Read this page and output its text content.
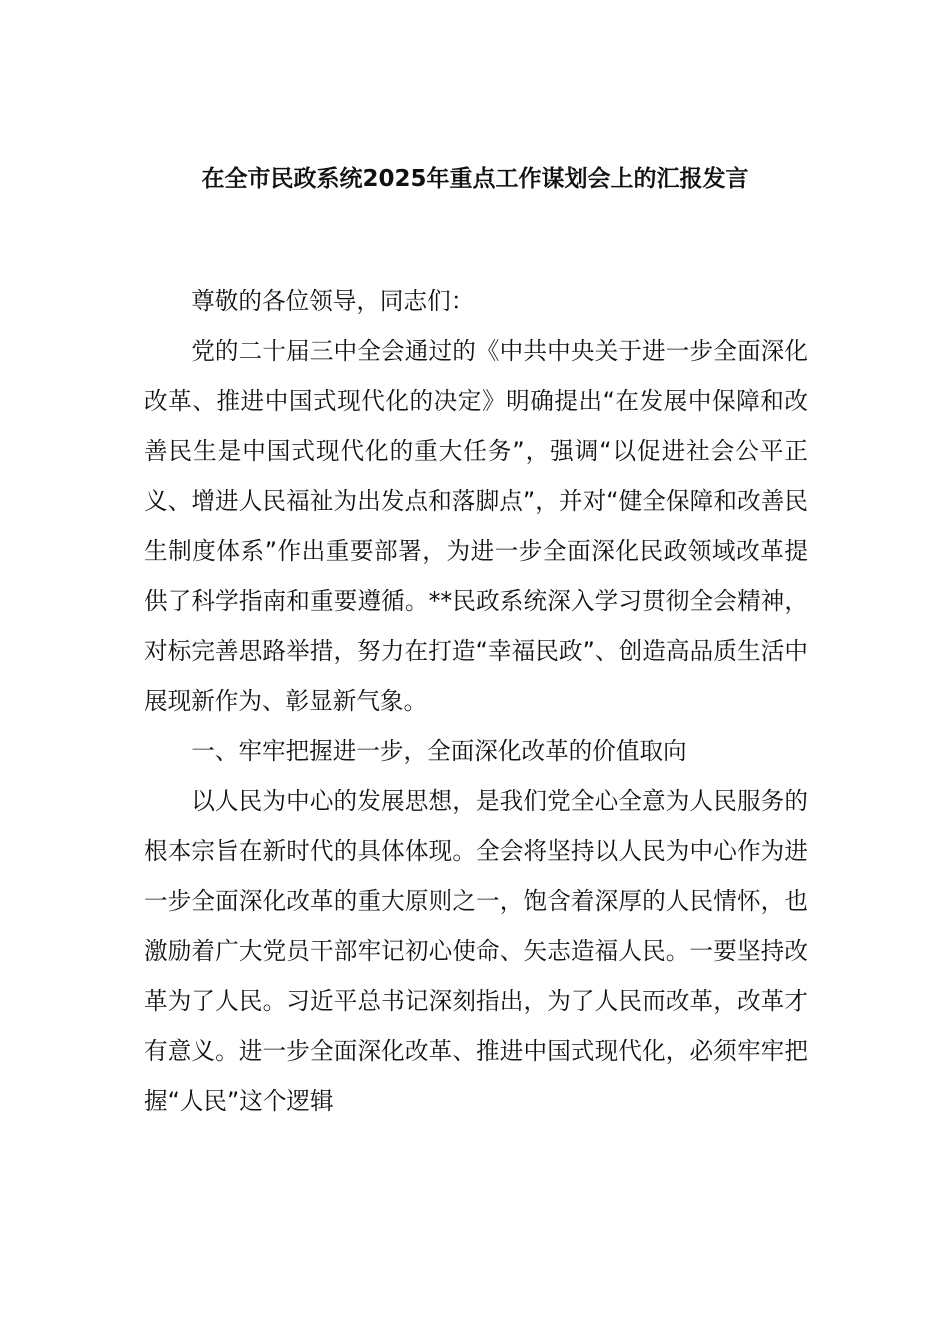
在全市民政系统2025年重点工作谋划会上的汇报发言

尊敬的各位领导，同志们：

党的二十届三中全会通过的《中共中央关于进一步全面深化改革、推进中国式现代化的决定》明确提出“在发展中保障和改善民生是中国式现代化的重大任务”，强调“以促进社会公平正义、增进人民福祉为出发点和落脚点”，并对“健全保障和改善民生制度体系”作出重要部署，为进一步全面深化民政领域改革提供了科学指南和重要遵循。**民政系统深入学习贯彻全会精神，对标完善思路举措，努力在打造“幸福民政”、创造高品质生活中展现新作为、彰显新气象。

一、牢牢把握进一步，全面深化改革的价值取向

以人民为中心的发展思想，是我们党全心全意为人民服务的根本宗旨在新时代的具体体现。全会将坚持以人民为中心作为进一步全面深化改革的重大原则之一，饱含着深厚的人民情怀，也激励着广大党员干部牢记初心使命、矢志造福人民。一要坚持改革为了人民。习近平总书记深刻指出，为了人民而改革，改革才有意义。进一步全面深化改革、推进中国式现代化，必须牢牢把握“人民”这个逻辑
